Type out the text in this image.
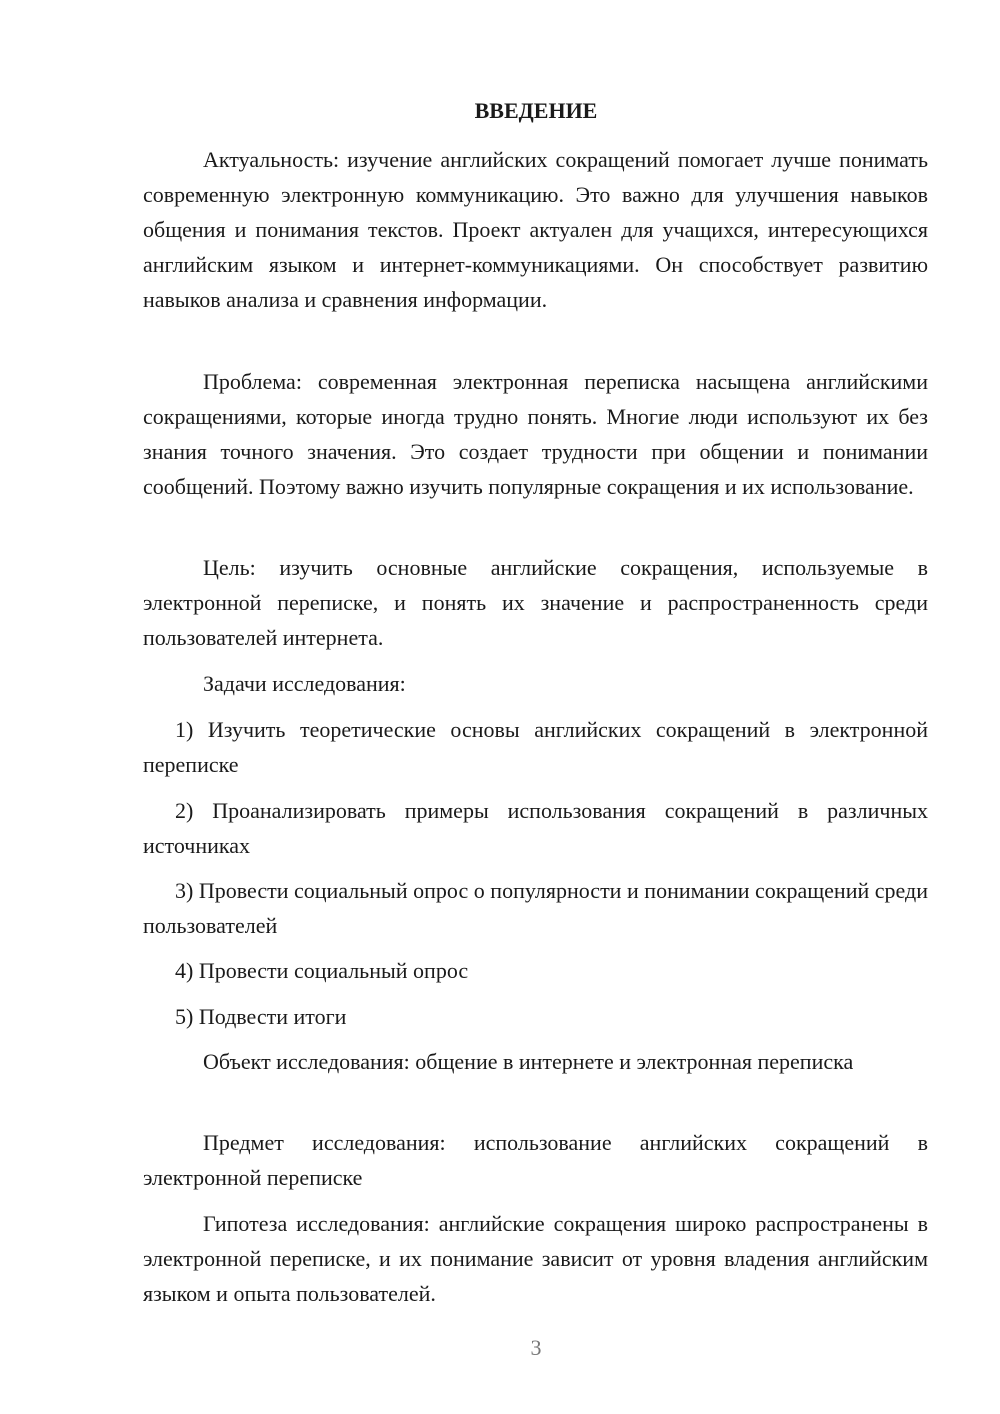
ВВЕДЕНИЕ
Актуальность: изучение английских сокращений помогает лучше понимать современную электронную коммуникацию. Это важно для улучшения навыков общения и понимания текстов. Проект актуален для учащихся, интересующихся английским языком и интернет-коммуникациями. Он способствует развитию навыков анализа и сравнения информации.
Проблема: современная электронная переписка насыщена английскими сокращениями, которые иногда трудно понять. Многие люди используют их без знания точного значения. Это создает трудности при общении и понимании сообщений. Поэтому важно изучить популярные сокращения и их использование.
Цель: изучить основные английские сокращения, используемые в электронной переписке, и понять их значение и распространенность среди пользователей интернета.
Задачи исследования:
1) Изучить теоретические основы английских сокращений в электронной переписке
2) Проанализировать примеры использования сокращений в различных источниках
3) Провести социальный опрос о популярности и понимании сокращений среди пользователей
4) Провести социальный опрос
5) Подвести итоги
Объект исследования: общение в интернете и электронная переписка
Предмет исследования: использование английских сокращений в электронной переписке
Гипотеза исследования: английские сокращения широко распространены в электронной переписке, и их понимание зависит от уровня владения английским языком и опыта пользователей.
3
